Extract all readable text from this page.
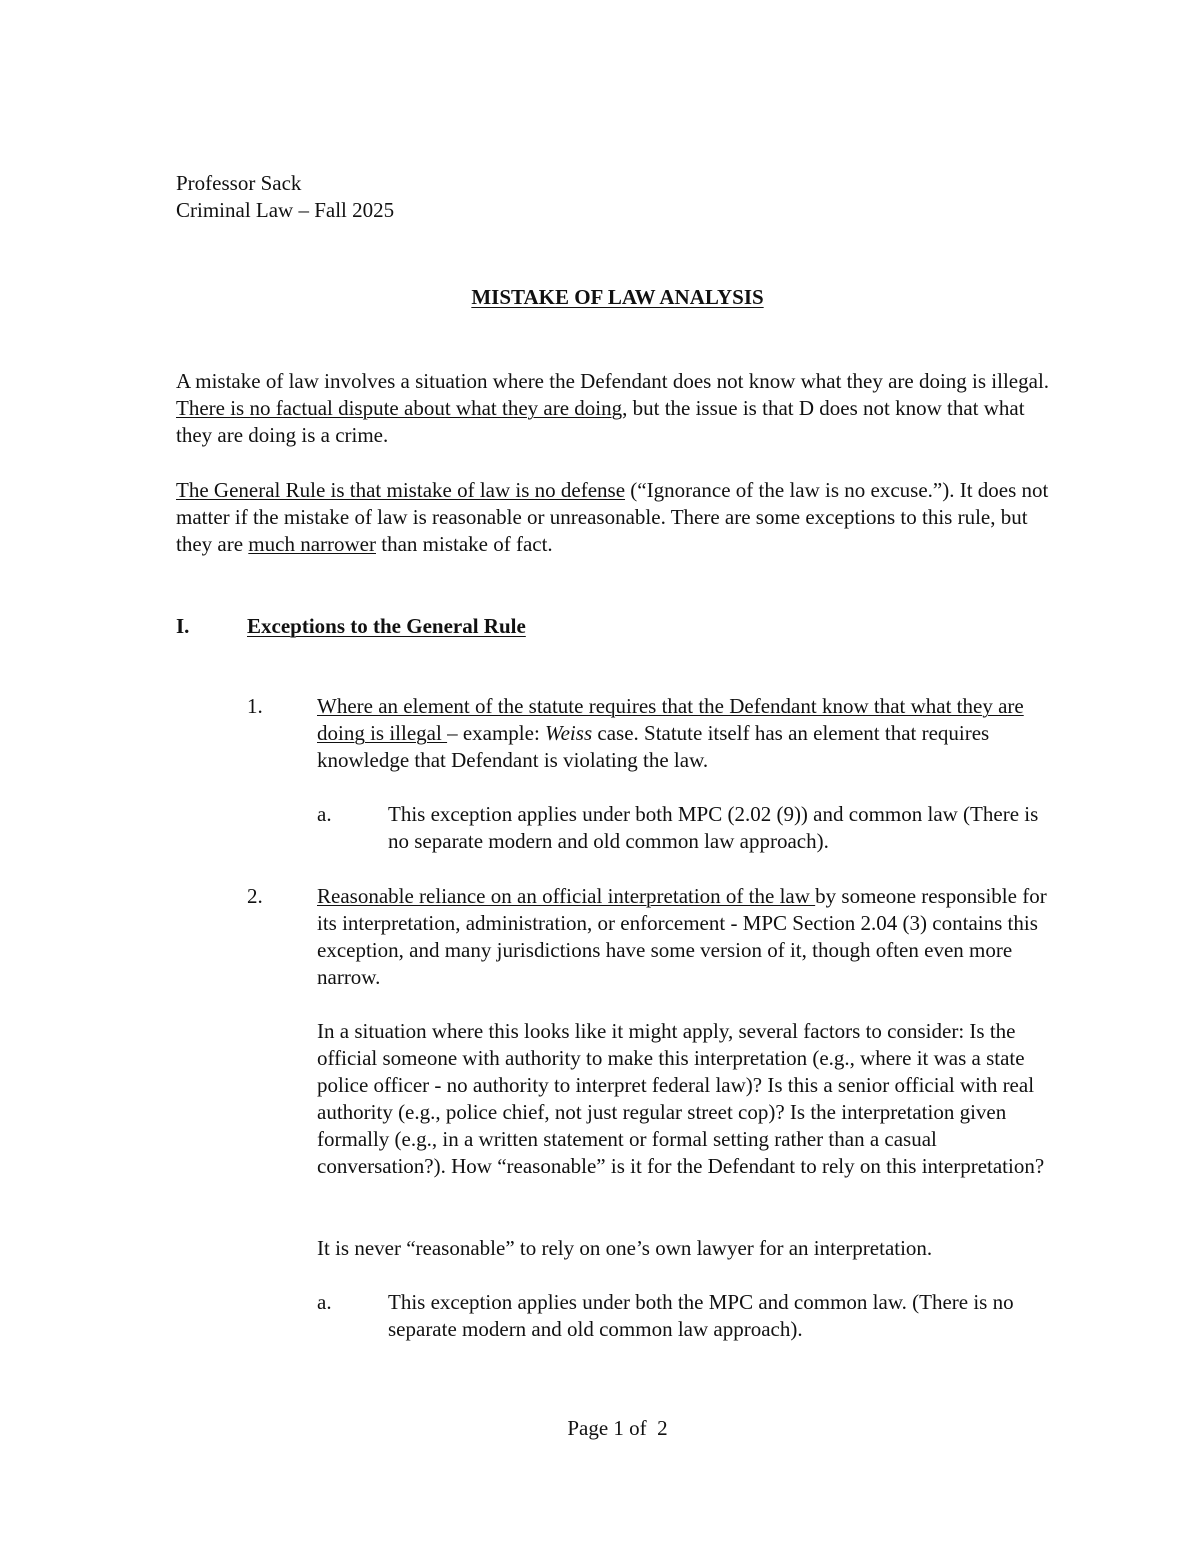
Professor Sack
Criminal Law – Fall 2025
MISTAKE OF LAW ANALYSIS

A mistake of law involves a situation where the Defendant does not know what they are doing is illegal. There is no factual dispute about what they are doing, but the issue is that D does not know that what they are doing is a crime.

The General Rule is that mistake of law is no defense (“Ignorance of the law is no excuse.”). It does not matter if the mistake of law is reasonable or unreasonable. There are some exceptions to this rule, but they are much narrower than mistake of fact.

I.	Exceptions to the General Rule
1.	Where an element of the statute requires that the Defendant know that what they are doing is illegal – example: Weiss case. Statute itself has an element that requires knowledge that Defendant is violating the law.

a.	This exception applies under both MPC (2.02 (9)) and common law (There is no separate modern and old common law approach).

2.	Reasonable reliance on an official interpretation of the law by someone responsible for its interpretation, administration, or enforcement - MPC Section 2.04 (3) contains this exception, and many jurisdictions have some version of it, though often even more narrow.

In a situation where this looks like it might apply, several factors to consider: Is the official someone with authority to make this interpretation (e.g., where it was a state police officer - no authority to interpret federal law)? Is this a senior official with real authority (e.g., police chief, not just regular street cop)? Is the interpretation given formally (e.g., in a written statement or formal setting rather than a casual conversation?). How “reasonable” is it for the Defendant to rely on this interpretation?

It is never “reasonable” to rely on one’s own lawyer for an interpretation.

a.	This exception applies under both the MPC and common law. (There is no separate modern and old common law approach).

Page 1 of  2
